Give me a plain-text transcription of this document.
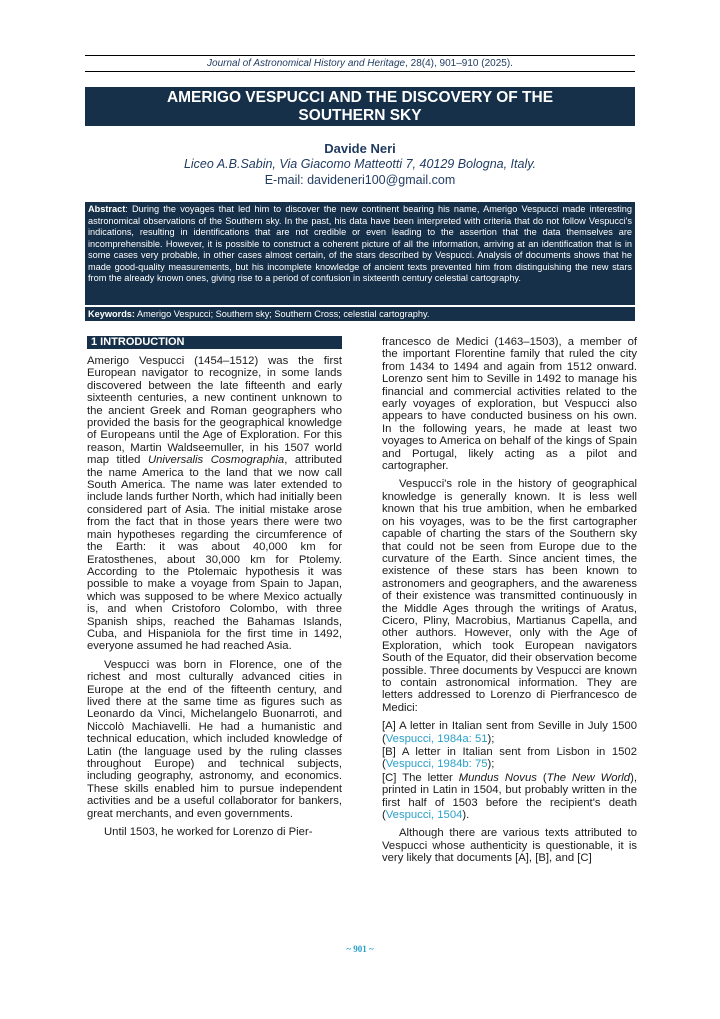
Journal of Astronomical History and Heritage, 28(4), 901–910 (2025).
AMERIGO VESPUCCI AND THE DISCOVERY OF THE
SOUTHERN SKY
Davide Neri
Liceo A.B.Sabin, Via Giacomo Matteotti 7, 40129 Bologna, Italy.
E-mail: davideneri100@gmail.com
Abstract: During the voyages that led him to discover the new continent bearing his name, Amerigo Vespucci made interesting astronomical observations of the Southern sky. In the past, his data have been interpreted with criteria that do not follow Vespucci's indications, resulting in identifications that are not credible or even leading to the assertion that the data themselves are incomprehensible. However, it is possible to construct a coherent picture of all the information, arriving at an identification that is in some cases very probable, in other cases almost certain, of the stars described by Vespucci. Analysis of documents shows that he made good-quality measurements, but his incomplete knowledge of ancient texts prevented him from distinguishing the new stars from the already known ones, giving rise to a period of confusion in sixteenth century celestial cartography.
Keywords: Amerigo Vespucci; Southern sky; Southern Cross; celestial cartography.
1 INTRODUCTION

Amerigo Vespucci (1454–1512) was the first European navigator to recognize, in some lands discovered between the late fifteenth and early sixteenth centuries, a new continent unknown to the ancient Greek and Roman geographers who provided the basis for the geographical knowledge of Europeans until the Age of Exploration. For this reason, Martin Waldseemuller, in his 1507 world map titled Universalis Cosmographia, attributed the name America to the land that we now call South America. The name was later extended to include lands further North, which had initially been considered part of Asia. The initial mistake arose from the fact that in those years there were two main hypotheses regarding the circumference of the Earth: it was about 40,000 km for Eratosthenes, about 30,000 km for Ptolemy. According to the Ptolemaic hypothesis it was possible to make a voyage from Spain to Japan, which was supposed to be where Mexico actually is, and when Cristoforo Colombo, with three Spanish ships, reached the Bahamas Islands, Cuba, and Hispaniola for the first time in 1492, everyone assumed he had reached Asia.

Vespucci was born in Florence, one of the richest and most culturally advanced cities in Europe at the end of the fifteenth century, and lived there at the same time as figures such as Leonardo da Vinci, Michelangelo Buonarroti, and Niccolò Machiavelli. He had a humanistic and technical education, which included knowledge of Latin (the language used by the ruling classes throughout Europe) and technical subjects, including geography, astronomy, and economics. These skills enabled him to pursue independent activities and be a useful collaborator for bankers, great merchants, and even governments.

Until 1503, he worked for Lorenzo di Pier-

francesco de Medici (1463–1503), a member of the important Florentine family that ruled the city from 1434 to 1494 and again from 1512 onward. Lorenzo sent him to Seville in 1492 to manage his financial and commercial activities related to the early voyages of exploration, but Vespucci also appears to have conducted business on his own. In the following years, he made at least two voyages to America on behalf of the kings of Spain and Portugal, likely acting as a pilot and cartographer.

Vespucci's role in the history of geographical knowledge is generally known. It is less well known that his true ambition, when he embarked on his voyages, was to be the first cartographer capable of charting the stars of the Southern sky that could not be seen from Europe due to the curvature of the Earth. Since ancient times, the existence of these stars has been known to astronomers and geographers, and the awareness of their existence was transmitted continuously in the Middle Ages through the writings of Aratus, Cicero, Pliny, Macrobius, Martianus Capella, and other authors. However, only with the Age of Exploration, which took European navigators South of the Equator, did their observation become possible. Three documents by Vespucci are known to contain astronomical information. They are letters addressed to Lorenzo di Pierfrancesco de Medici:

[A] A letter in Italian sent from Seville in July 1500 (Vespucci, 1984a: 51);

[B] A letter in Italian sent from Lisbon in 1502 (Vespucci, 1984b: 75);

[C] The letter Mundus Novus (The New World), printed in Latin in 1504, but probably written in the first half of 1503 before the recipient's death (Vespucci, 1504).

Although there are various texts attributed to Vespucci whose authenticity is questionable, it is very likely that documents [A], [B], and [C]

~ 901 ~
